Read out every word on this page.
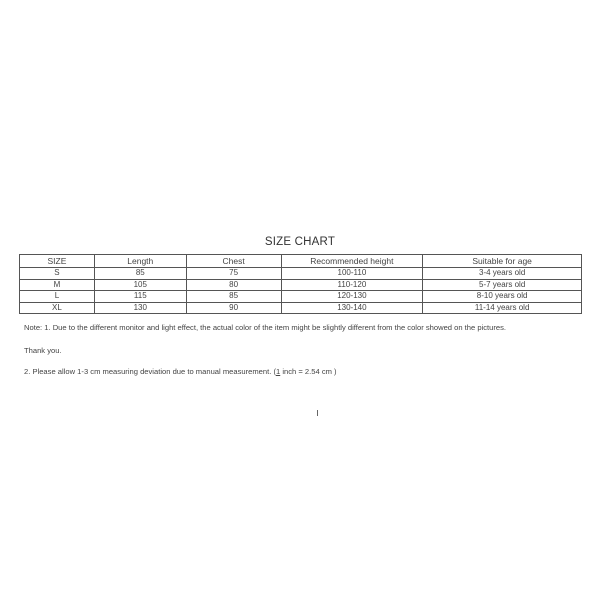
SIZE CHART
SIZE	Length	Chest	Recommended height	Suitable for age
S	85	75	100-110	3-4 years old
M	105	80	110-120	5-7 years old
L	115	85	120-130	8-10 years old
XL	130	90	130-140	11-14 years old
Note: 1. Due to the different monitor and light effect, the actual color of the item might be slightly different from the color showed on the pictures.
Thank you.
2. Please allow 1-3 cm measuring deviation due to manual measurement. (1 inch = 2.54 cm )
